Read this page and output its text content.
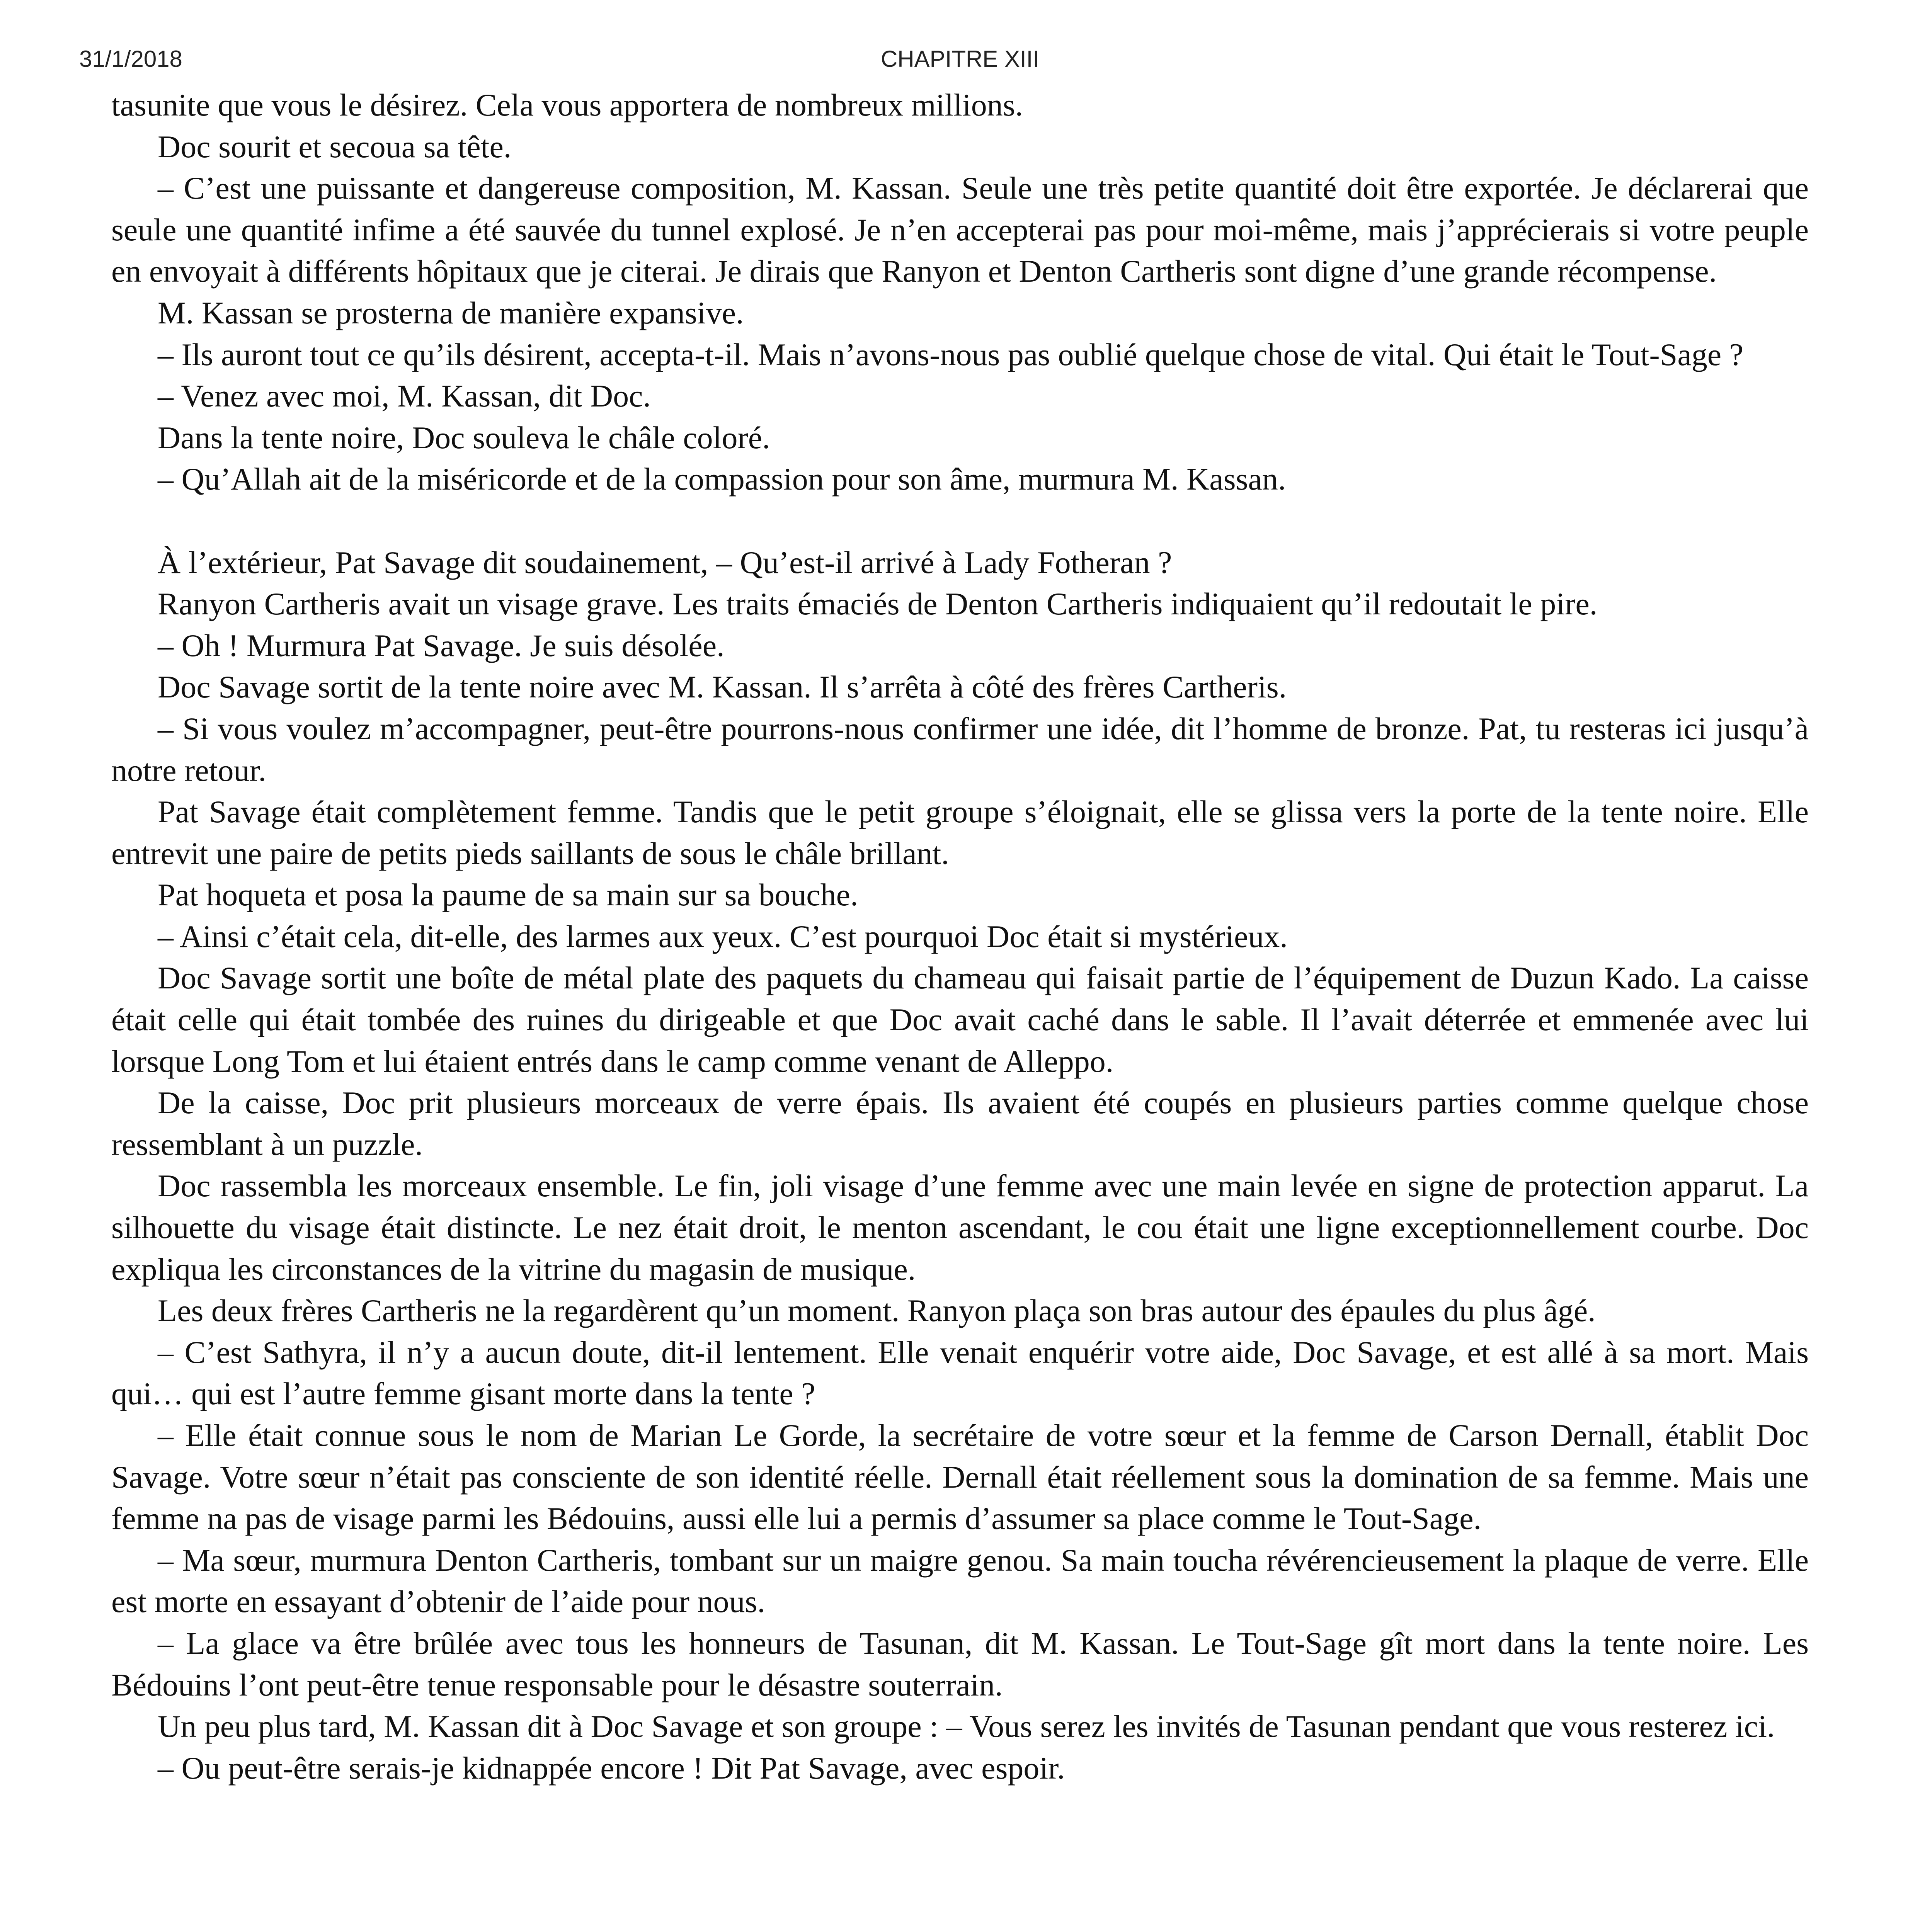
31/1/2018	CHAPITRE XIII

tasunite que vous le désirez. Cela vous apportera de nombreux millions.

Doc sourit et secoua sa tête.

– C’est une puissante et dangereuse composition, M. Kassan. Seule une très petite quantité doit être exportée. Je déclarerai que seule une quantité infime a été sauvée du tunnel explosé. Je n’en accepterai pas pour moi-même, mais j’apprécierais si votre peuple en envoyait à différents hôpitaux que je citerai. Je dirais que Ranyon et Denton Cartheris sont digne d’une grande récompense.

M. Kassan se prosterna de manière expansive.

– Ils auront tout ce qu’ils désirent, accepta-t-il. Mais n’avons-nous pas oublié quelque chose de vital. Qui était le Tout-Sage ?

– Venez avec moi, M. Kassan, dit Doc.

Dans la tente noire, Doc souleva le châle coloré.

– Qu’Allah ait de la miséricorde et de la compassion pour son âme, murmura M. Kassan.

À l’extérieur, Pat Savage dit soudainement, – Qu’est-il arrivé à Lady Fotheran ?

Ranyon Cartheris avait un visage grave. Les traits émaciés de Denton Cartheris indiquaient qu’il redoutait le pire.

– Oh ! Murmura Pat Savage. Je suis désolée.

Doc Savage sortit de la tente noire avec M. Kassan. Il s’arrêta à côté des frères Cartheris.

– Si vous voulez m’accompagner, peut-être pourrons-nous confirmer une idée, dit l’homme de bronze. Pat, tu resteras ici jusqu’à notre retour.

Pat Savage était complètement femme. Tandis que le petit groupe s’éloignait, elle se glissa vers la porte de la tente noire. Elle entrevit une paire de petits pieds saillants de sous le châle brillant.

Pat hoqueta et posa la paume de sa main sur sa bouche.

– Ainsi c’était cela, dit-elle, des larmes aux yeux. C’est pourquoi Doc était si mystérieux.

Doc Savage sortit une boîte de métal plate des paquets du chameau qui faisait partie de l’équipement de Duzun Kado. La caisse était celle qui était tombée des ruines du dirigeable et que Doc avait caché dans le sable. Il l’avait déterrée et emmenée avec lui lorsque Long Tom et lui étaient entrés dans le camp comme venant de Alleppo.

De la caisse, Doc prit plusieurs morceaux de verre épais. Ils avaient été coupés en plusieurs parties comme quelque chose ressemblant à un puzzle.

Doc rassembla les morceaux ensemble. Le fin, joli visage d’une femme avec une main levée en signe de protection apparut. La silhouette du visage était distincte. Le nez était droit, le menton ascendant, le cou était une ligne exceptionnellement courbe. Doc expliqua les circonstances de la vitrine du magasin de musique.

Les deux frères Cartheris ne la regardèrent qu’un moment. Ranyon plaça son bras autour des épaules du plus âgé.

– C’est Sathyra, il n’y a aucun doute, dit-il lentement. Elle venait enquérir votre aide, Doc Savage, et est allé à sa mort. Mais qui… qui est l’autre femme gisant morte dans la tente ?

– Elle était connue sous le nom de Marian Le Gorde, la secrétaire de votre sœur et la femme de Carson Dernall, établit Doc Savage. Votre sœur n’était pas consciente de son identité réelle. Dernall était réellement sous la domination de sa femme. Mais une femme na pas de visage parmi les Bédouins, aussi elle lui a permis d’assumer sa place comme le Tout-Sage.

– Ma sœur, murmura Denton Cartheris, tombant sur un maigre genou. Sa main toucha révérencieusement la plaque de verre. Elle est morte en essayant d’obtenir de l’aide pour nous.

– La glace va être brûlée avec tous les honneurs de Tasunan, dit M. Kassan. Le Tout-Sage gît mort dans la tente noire. Les Bédouins l’ont peut-être tenue responsable pour le désastre souterrain.

Un peu plus tard, M. Kassan dit à Doc Savage et son groupe : – Vous serez les invités de Tasunan pendant que vous resterez ici.

– Ou peut-être serais-je kidnappée encore ! Dit Pat Savage, avec espoir.
